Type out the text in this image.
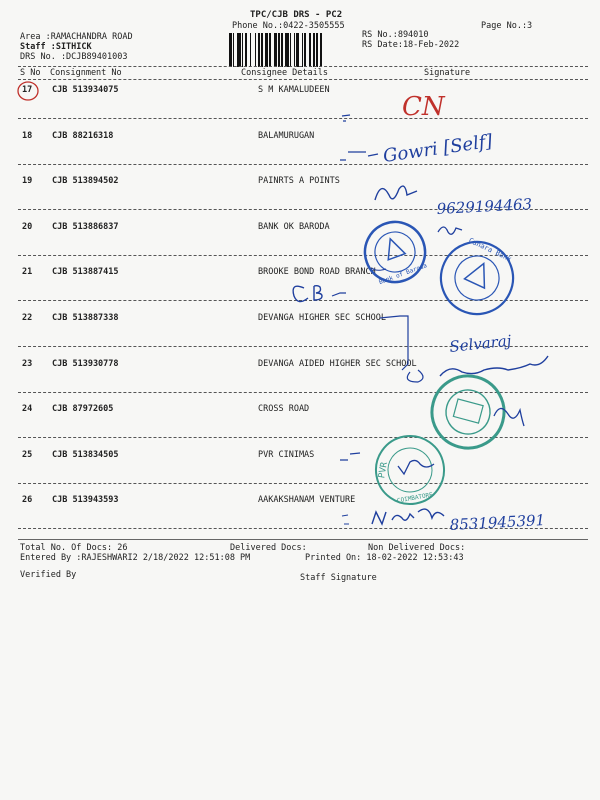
TPC/CJB DRS - PC2
Phone No.:0422-3505555	Page No.:3
Area :RAMACHANDRA ROAD
Staff :SITHICK
DRS No. :DCJB89401003
RS No.:894010
RS Date:18-Feb-2022
S No Consignment No	Consignee Details	Signature
17 CJB 513934075	S M KAMALUDEEN
18 CJB 88216318	BALAMURUGAN
19 CJB 513894502	PAINRTS A POINTS
20 CJB 513886837	BANK OK BARODA
21 CJB 513887415	BROOKE BOND ROAD BRANCH
22 CJB 513887338	DEVANGA HIGHER SEC SCHOOL
23 CJB 513930778	DEVANGA AIDED HIGHER SEC SCHOOL
24 CJB 87972605	CROSS ROAD
25 CJB 513834505	PVR CINIMAS
26 CJB 513943593	AAKAKSHANAM VENTURE
Total No. Of Docs: 26	Delivered Docs:	Non Delivered Docs:
Entered By :RAJESHWARI2 2/18/2022 12:51:08 PM	Printed On: 18-02-2022 12:53:43
Verified By	Staff Signature
CN
Gowri [Self]
9629194463
Bank of Baroda
Canara Bank
Selvaraj
PVR
COIMBATORE
8531945391
